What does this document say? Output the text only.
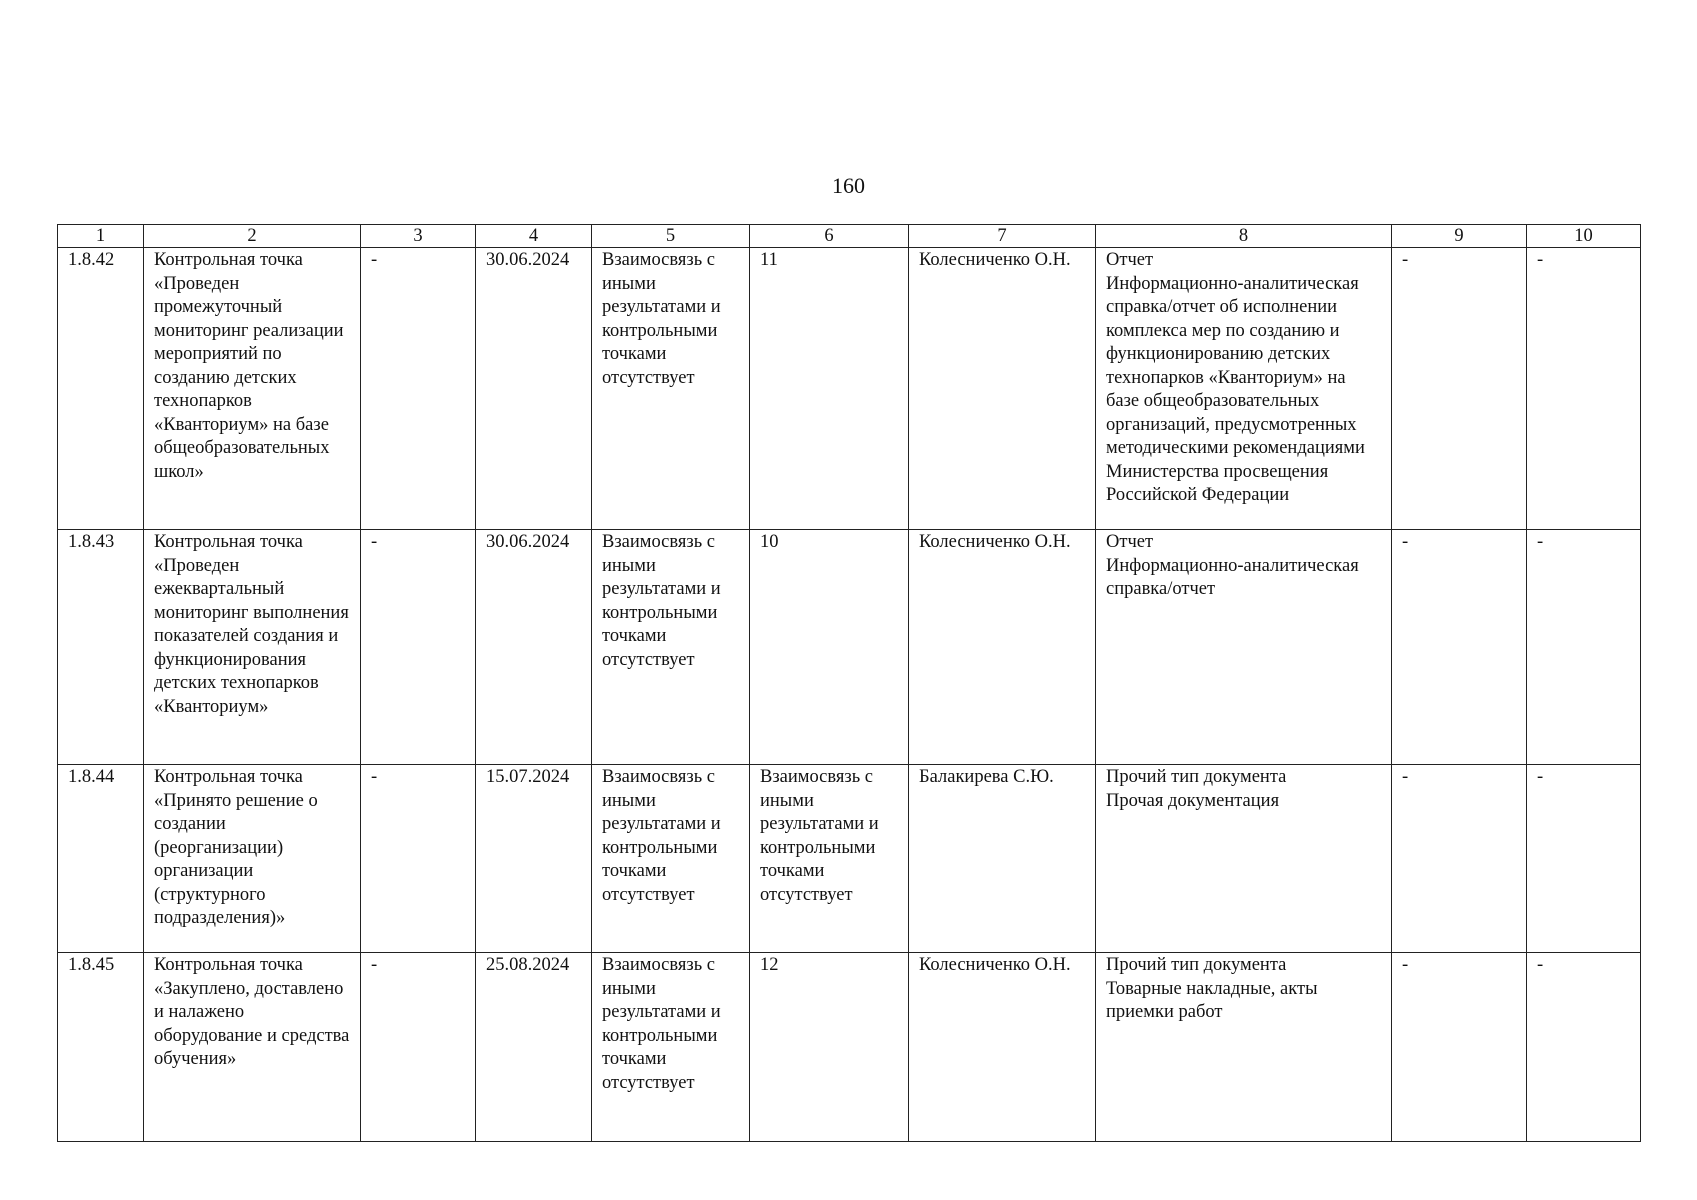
160
1	2	3	4	5	6	7	8	9	10
1.8.42	Контрольная точка «Проведен промежуточный мониторинг реализации мероприятий по созданию детских технопарков «Кванториум» на базе общеобразовательных школ»	-	30.06.2024	Взаимосвязь с иными результатами и контрольными точками отсутствует	11	Колесниченко О.Н.	Отчет
Информационно-аналитическая справка/отчет об исполнении комплекса мер по созданию и функционированию детских технопарков «Кванториум» на базе общеобразовательных организаций, предусмотренных методическими рекомендациями Министерства просвещения Российской Федерации	-	-
1.8.43	Контрольная точка «Проведен ежеквартальный мониторинг выполнения показателей создания и функционирования детских технопарков «Кванториум»	-	30.06.2024	Взаимосвязь с иными результатами и контрольными точками отсутствует	10	Колесниченко О.Н.	Отчет
Информационно-аналитическая справка/отчет	-	-
1.8.44	Контрольная точка «Принято решение о создании (реорганизации) организации (структурного подразделения)»	-	15.07.2024	Взаимосвязь с иными результатами и контрольными точками отсутствует	Взаимосвязь с иными результатами и контрольными точками отсутствует	Балакирева С.Ю.	Прочий тип документа
Прочая документация	-	-
1.8.45	Контрольная точка «Закуплено, доставлено и налажено оборудование и средства обучения»	-	25.08.2024	Взаимосвязь с иными результатами и контрольными точками отсутствует	12	Колесниченко О.Н.	Прочий тип документа
Товарные накладные, акты приемки работ	-	-
